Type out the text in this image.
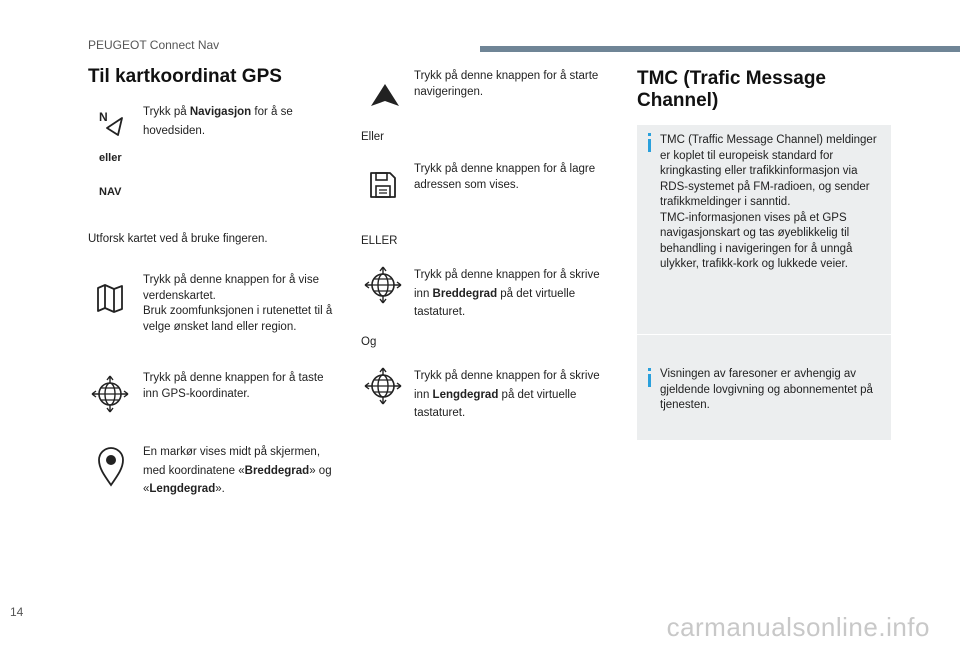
PEUGEOT Connect Nav
Til kartkoordinat GPS
N	Trykk på Navigasjon for å se hovedsiden.
eller
NAV
Utforsk kartet ved å bruke fingeren.
Trykk på denne knappen for å vise verdenskartet.
Bruk zoomfunksjonen i rutenettet til å velge ønsket land eller region.
Trykk på denne knappen for å taste inn GPS-koordinater.
En markør vises midt på skjermen, med koordinatene «Breddegrad» og «Lengdegrad».
Trykk på denne knappen for å starte navigeringen.
Eller
Trykk på denne knappen for å lagre adressen som vises.
ELLER
Trykk på denne knappen for å skrive inn Breddegrad på det virtuelle tastaturet.
Og
Trykk på denne knappen for å skrive inn Lengdegrad på det virtuelle tastaturet.
TMC (Trafic Message
Channel)
TMC (Traffic Message Channel) meldinger er koplet til europeisk standard for kringkasting eller trafikkinformasjon via RDS-systemet på FM-radioen, og sender trafikkmeldinger i sanntid.
TMC-informasjonen vises på et GPS navigasjonskart og tas øyeblikkelig til behandling i navigeringen for å unngå ulykker, trafikk-kork og lukkede veier.
Visningen av faresoner er avhengig av gjeldende lovgivning og abonnementet på tjenesten.
14	carmanualsonline.info
